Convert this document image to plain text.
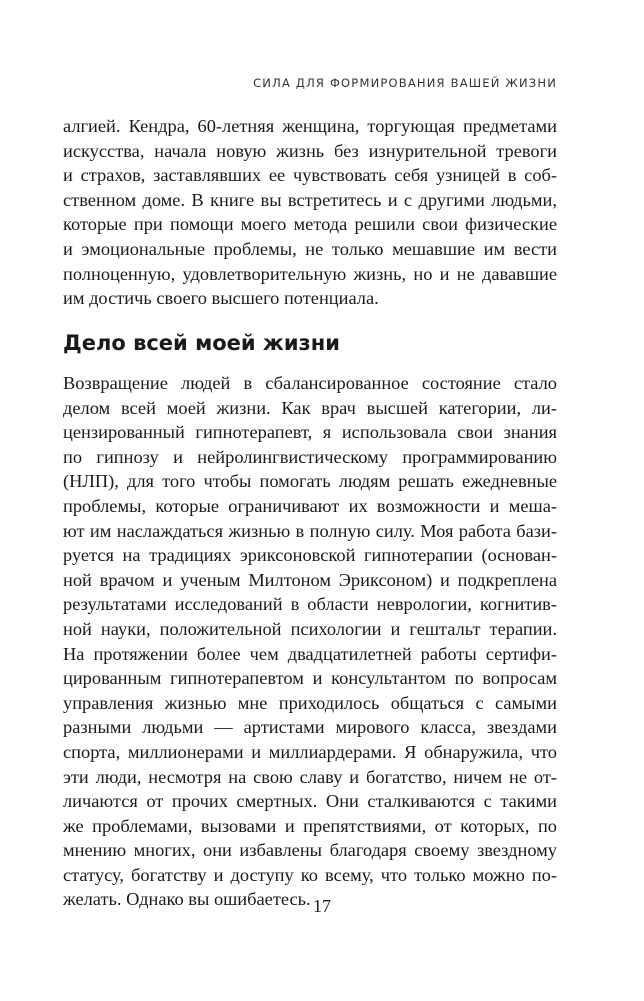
СИЛА ДЛЯ ФОРМИРОВАНИЯ ВАШЕЙ ЖИЗНИ
алгией. Кендра, 60-летняя женщина, торгующая предметами
искусства, начала новую жизнь без изнурительной тревоги
и страхов, заставлявших ее чувствовать себя узницей в соб-
ственном доме. В книге вы встретитесь и с другими людьми,
которые при помощи моего метода решили свои физические
и эмоциональные проблемы, не только мешавшие им вести
полноценную, удовлетворительную жизнь, но и не дававшие
им достичь своего высшего потенциала.
Дело всей моей жизни
Возвращение людей в сбалансированное состояние стало
делом всей моей жизни. Как врач высшей категории, ли-
цензированный гипнотерапевт, я использовала свои знания
по гипнозу и нейролингвистическому программированию
(НЛП), для того чтобы помогать людям решать ежедневные
проблемы, которые ограничивают их возможности и меша-
ют им наслаждаться жизнью в полную силу. Моя работа бази-
руется на традициях эриксоновской гипнотерапии (основан-
ной врачом и ученым Милтоном Эриксоном) и подкреплена
результатами исследований в области неврологии, когнитив-
ной науки, положительной психологии и гештальт терапии.
На протяжении более чем двадцатилетней работы сертифи-
цированным гипнотерапевтом и консультантом по вопросам
управления жизнью мне приходилось общаться с самыми
разными людьми — артистами мирового класса, звездами
спорта, миллионерами и миллиардерами. Я обнаружила, что
эти люди, несмотря на свою славу и богатство, ничем не от-
личаются от прочих смертных. Они сталкиваются с такими
же проблемами, вызовами и препятствиями, от которых, по
мнению многих, они избавлены благодаря своему звездному
статусу, богатству и доступу ко всему, что только можно по-
желать. Однако вы ошибаетесь. 17
